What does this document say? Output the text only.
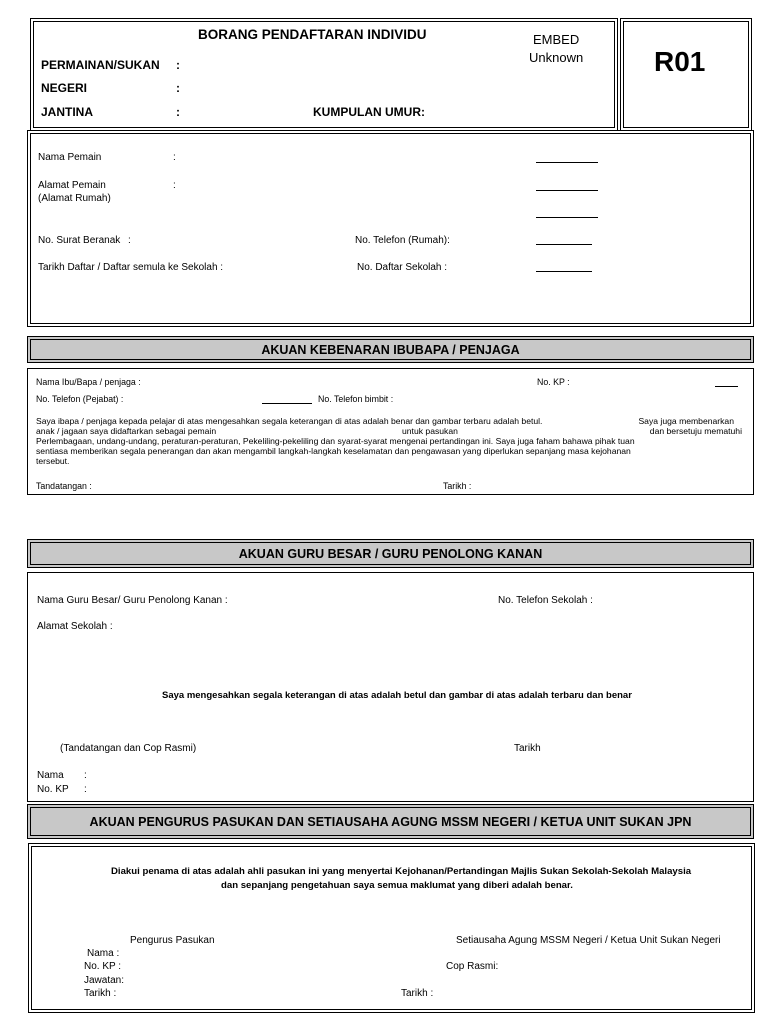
BORANG PENDAFTARAN INDIVIDU	EMBED
Unknown	R01
PERMAINAN/SUKAN :
NEGERI	:
JANTINA	:	KUMPULAN UMUR:
Nama Pemain	:
Alamat Pemain	:
(Alamat Rumah)
No. Surat Beranak :	No. Telefon (Rumah):
Tarikh Daftar / Daftar semula ke Sekolah :	No. Daftar Sekolah :
AKUAN KEBENARAN IBUBAPA / PENJAGA
Nama Ibu/Bapa / penjaga :	No. KP :
No. Telefon (Pejabat) :	No. Telefon bimbit :
Saya ibapa / penjaga kepada pelajar di atas mengesahkan segala keterangan di atas adalah benar dan gambar terbaru adalah betul.	Saya juga membenarkan
anak / jagaan saya didaftarkan sebagai pemain	untuk pasukan	dan bersetuju mematuhi
Perlembagaan, undang-undang, peraturan-peraturan, Pekeliling-pekeliling dan syarat-syarat mengenai pertandingan ini. Saya juga faham bahawa pihak tuan
sentiasa memberikan segala penerangan dan akan mengambil langkah-langkah keselamatan dan pengawasan yang diperlukan sepanjang masa kejohanan
tersebut.
Tandatangan :	Tarikh :
AKUAN GURU BESAR / GURU PENOLONG KANAN
Nama Guru Besar/ Guru Penolong Kanan :	No. Telefon Sekolah :
Alamat Sekolah :
Saya mengesahkan segala keterangan di atas adalah betul dan gambar di atas adalah terbaru dan benar
(Tandatangan dan Cop Rasmi)	Tarikh
Nama :
No. KP :
AKUAN PENGURUS PASUKAN DAN SETIAUSAHA AGUNG MSSM NEGERI / KETUA UNIT SUKAN JPN
Diakui penama di atas adalah ahli pasukan ini yang menyertai Kejohanan/Pertandingan Majlis Sukan Sekolah-Sekolah Malaysia
dan sepanjang pengetahuan saya semua maklumat yang diberi adalah benar.
Pengurus Pasukan	Setiausaha Agung MSSM Negeri / Ketua Unit Sukan Negeri
Nama :
No. KP :	Cop Rasmi:
Jawatan:
Tarikh :	Tarikh :
